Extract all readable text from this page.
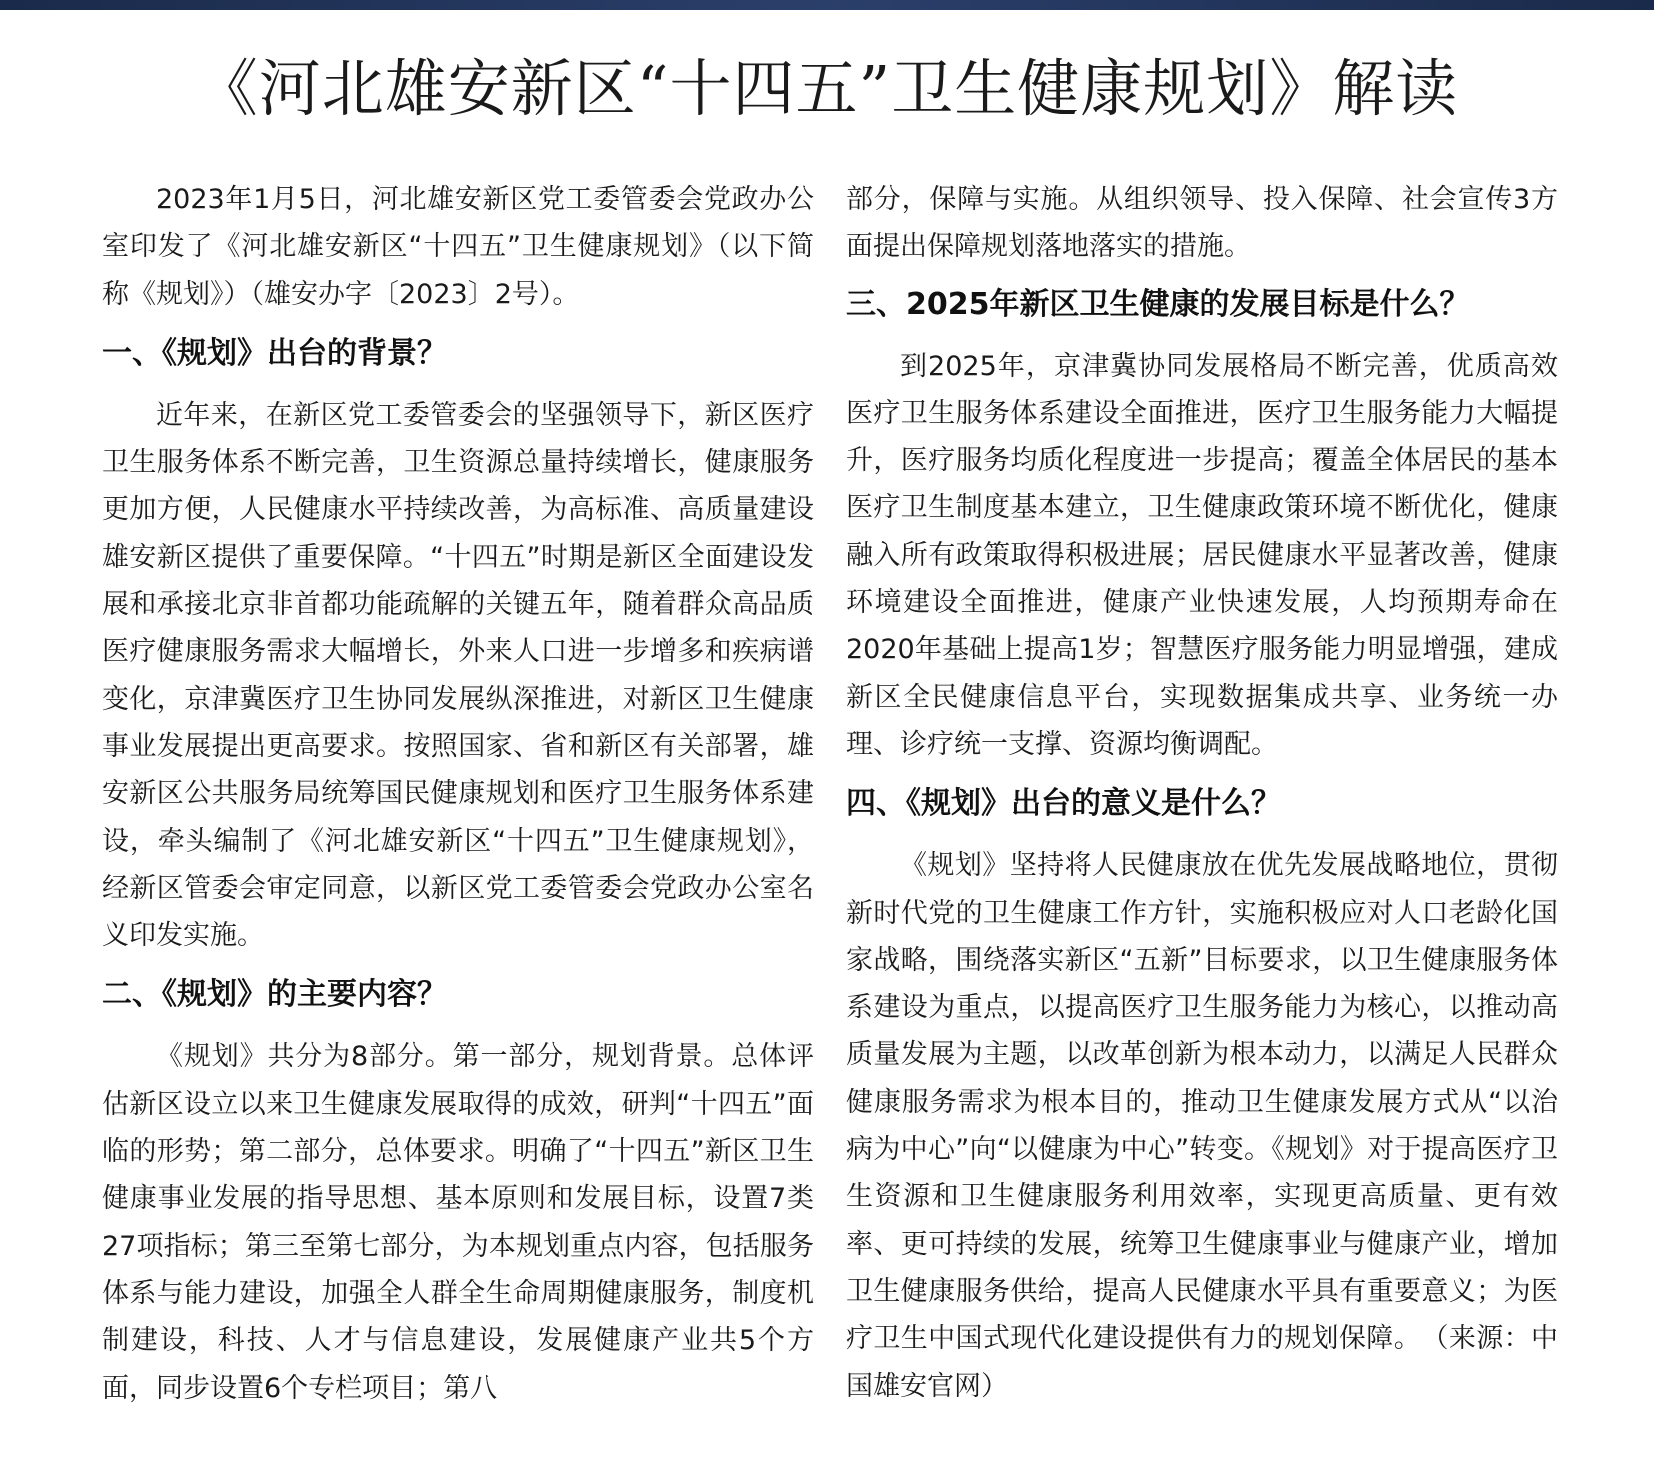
《河北雄安新区“十四五”卫生健康规划》解读

2023年1月5日，河北雄安新区党工委管委会党政办公室印发了《河北雄安新区“十四五”卫生健康规划》（以下简称《规划》）（雄安办字〔2023〕2号）。

一、《规划》出台的背景？

近年来，在新区党工委管委会的坚强领导下，新区医疗卫生服务体系不断完善，卫生资源总量持续增长，健康服务更加方便，人民健康水平持续改善，为高标准、高质量建设雄安新区提供了重要保障。“十四五”时期是新区全面建设发展和承接北京非首都功能疏解的关键五年，随着群众高品质医疗健康服务需求大幅增长，外来人口进一步增多和疾病谱变化，京津冀医疗卫生协同发展纵深推进，对新区卫生健康事业发展提出更高要求。按照国家、省和新区有关部署，雄安新区公共服务局统筹国民健康规划和医疗卫生服务体系建设，牵头编制了《河北雄安新区“十四五”卫生健康规划》，经新区管委会审定同意，以新区党工委管委会党政办公室名义印发实施。

二、《规划》的主要内容？

《规划》共分为8部分。第一部分，规划背景。总体评估新区设立以来卫生健康发展取得的成效，研判“十四五”面临的形势；第二部分，总体要求。明确了“十四五”新区卫生健康事业发展的指导思想、基本原则和发展目标，设置7类27项指标；第三至第七部分，为本规划重点内容，包括服务体系与能力建设，加强全人群全生命周期健康服务，制度机制建设，科技、人才与信息建设，发展健康产业共5个方面，同步设置6个专栏项目；第八

部分，保障与实施。从组织领导、投入保障、社会宣传3方面提出保障规划落地落实的措施。

三、2025年新区卫生健康的发展目标是什么？

到2025年，京津冀协同发展格局不断完善，优质高效医疗卫生服务体系建设全面推进，医疗卫生服务能力大幅提升，医疗服务均质化程度进一步提高；覆盖全体居民的基本医疗卫生制度基本建立，卫生健康政策环境不断优化，健康融入所有政策取得积极进展；居民健康水平显著改善，健康环境建设全面推进，健康产业快速发展，人均预期寿命在2020年基础上提高1岁；智慧医疗服务能力明显增强，建成新区全民健康信息平台，实现数据集成共享、业务统一办理、诊疗统一支撑、资源均衡调配。

四、《规划》出台的意义是什么？

《规划》坚持将人民健康放在优先发展战略地位，贯彻新时代党的卫生健康工作方针，实施积极应对人口老龄化国家战略，围绕落实新区“五新”目标要求，以卫生健康服务体系建设为重点，以提高医疗卫生服务能力为核心，以推动高质量发展为主题，以改革创新为根本动力，以满足人民群众健康服务需求为根本目的，推动卫生健康发展方式从“以治病为中心”向“以健康为中心”转变。《规划》对于提高医疗卫生资源和卫生健康服务利用效率，实现更高质量、更有效率、更可持续的发展，统筹卫生健康事业与健康产业，增加卫生健康服务供给，提高人民健康水平具有重要意义；为医疗卫生中国式现代化建设提供有力的规划保障。　（来源：中国雄安官网）
